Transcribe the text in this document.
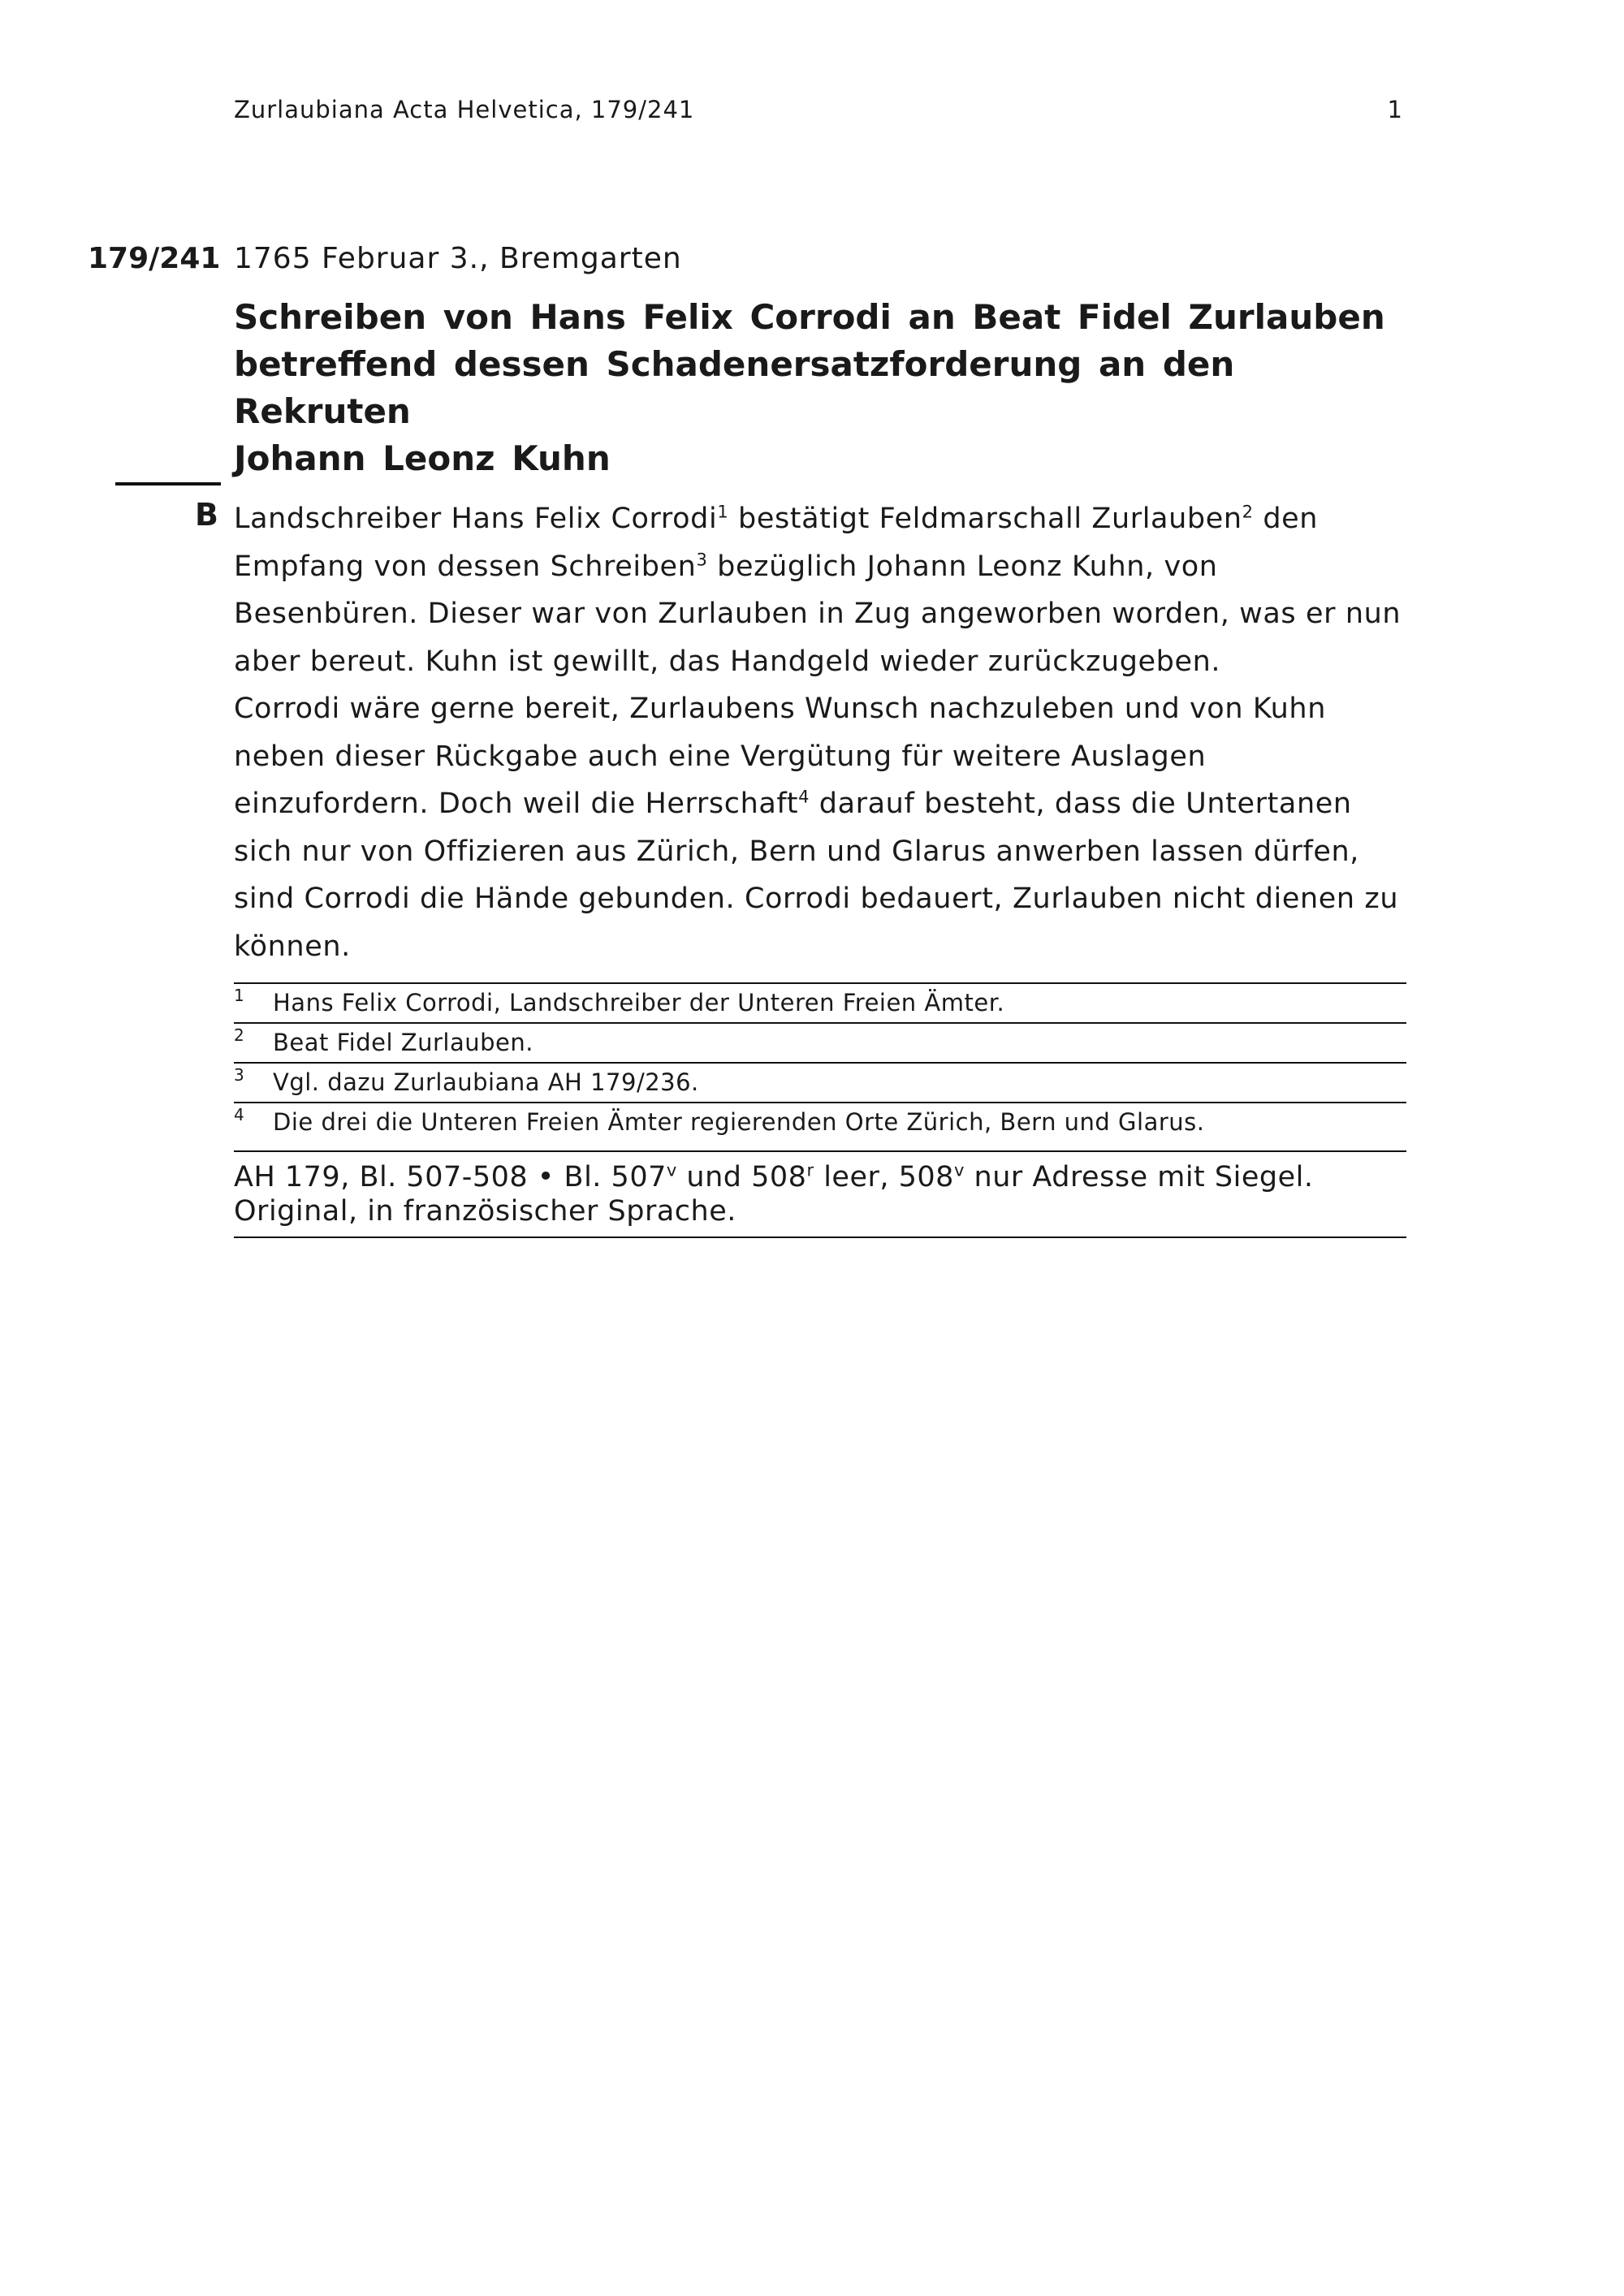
Zurlaubiana Acta Helvetica, 179/241	1
179/241 1765 Februar 3., Bremgarten
Schreiben von Hans Felix Corrodi an Beat Fidel Zurlauben
betreffend dessen Schadenersatzforderung an den Rekruten
Johann Leonz Kuhn
B Landschreiber Hans Felix Corrodi$^1$ bestätigt Feldmarschall Zurlauben$^2$ den Empfang von dessen Schreiben$^3$ bezüglich Johann Leonz Kuhn, von Besenbüren. Dieser war von Zurlauben in Zug angeworben worden, was er nun aber bereut. Kuhn ist gewillt, das Handgeld wieder zurückzugeben.

Corrodi wäre gerne bereit, Zurlaubens Wunsch nachzuleben und von Kuhn neben dieser Rückgabe auch eine Vergütung für weitere Auslagen einzufordern. Doch weil die Herrschaft$^4$ darauf besteht, dass die Untertanen sich nur von Offizieren aus Zürich, Bern und Glarus anwerben lassen dürfen, sind Corrodi die Hände gebunden. Corrodi bedauert, Zurlauben nicht dienen zu können.

1 Hans Felix Corrodi, Landschreiber der Unteren Freien Ämter.
2 Beat Fidel Zurlauben.
3 Vgl. dazu Zurlaubiana AH 179/236.
4 Die drei die Unteren Freien Ämter regierenden Orte Zürich, Bern und Glarus.

AH 179, Bl. 507-508 • Bl. 507$^v$ und 508$^r$ leer, 508$^v$ nur Adresse mit Siegel.

Original, in französischer Sprache.
